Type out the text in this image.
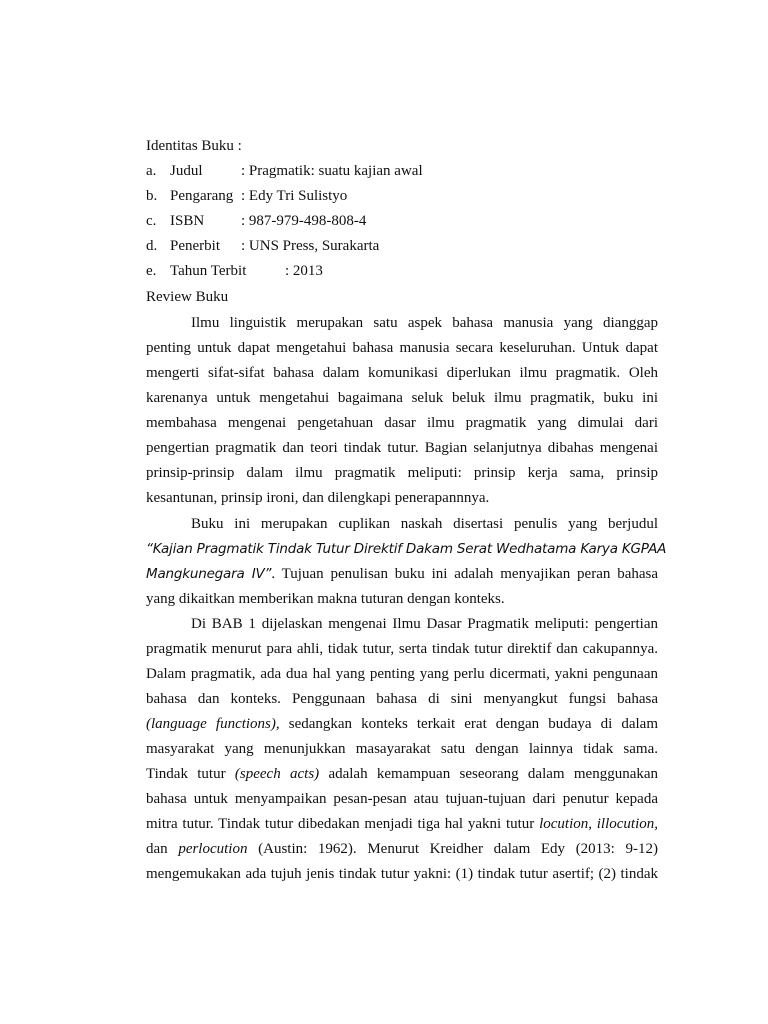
Identitas Buku :
a. Judul	: Pragmatik: suatu kajian awal
b. Pengarang : Edy Tri Sulistyo
c. ISBN : 987-979-498-808-4
d. Penerbit : UNS Press, Surakarta
e. Tahun Terbit	: 2013
Review Buku
Ilmu linguistik merupakan satu aspek bahasa manusia yang dianggap
penting untuk dapat mengetahui bahasa manusia secara keseluruhan. Untuk dapat
mengerti sifat-sifat bahasa dalam komunikasi diperlukan ilmu pragmatik. Oleh
karenanya untuk mengetahui bagaimana seluk beluk ilmu pragmatik, buku ini
membahasa mengenai pengetahuan dasar ilmu pragmatik yang dimulai dari
pengertian pragmatik dan teori tindak tutur. Bagian selanjutnya dibahas mengenai
prinsip-prinsip dalam ilmu pragmatik meliputi: prinsip kerja sama, prinsip
kesantunan, prinsip ironi, dan dilengkapi penerapannnya.
Buku ini merupakan cuplikan naskah disertasi penulis yang berjudul
“Kajian Pragmatik Tindak Tutur Direktif Dakam Serat Wedhatama Karya KGPAA
Mangkunegara IV”. Tujuan penulisan buku ini adalah menyajikan peran bahasa
yang dikaitkan memberikan makna tuturan dengan konteks.
Di BAB 1 dijelaskan mengenai Ilmu Dasar Pragmatik meliputi: pengertian
pragmatik menurut para ahli, tidak tutur, serta tindak tutur direktif dan cakupannya.
Dalam pragmatik, ada dua hal yang penting yang perlu dicermati, yakni pengunaan
bahasa dan konteks. Penggunaan bahasa di sini menyangkut fungsi bahasa
(language functions), sedangkan konteks terkait erat dengan budaya di dalam
masyarakat yang menunjukkan masayarakat satu dengan lainnya tidak sama.
Tindak tutur (speech acts) adalah kemampuan seseorang dalam menggunakan
bahasa untuk menyampaikan pesan-pesan atau tujuan-tujuan dari penutur kepada
mitra tutur. Tindak tutur dibedakan menjadi tiga hal yakni tutur locution, illocution,
dan perlocution (Austin: 1962). Menurut Kreidher dalam Edy (2013: 9-12)
mengemukakan ada tujuh jenis tindak tutur yakni: (1) tindak tutur asertif; (2) tindak
